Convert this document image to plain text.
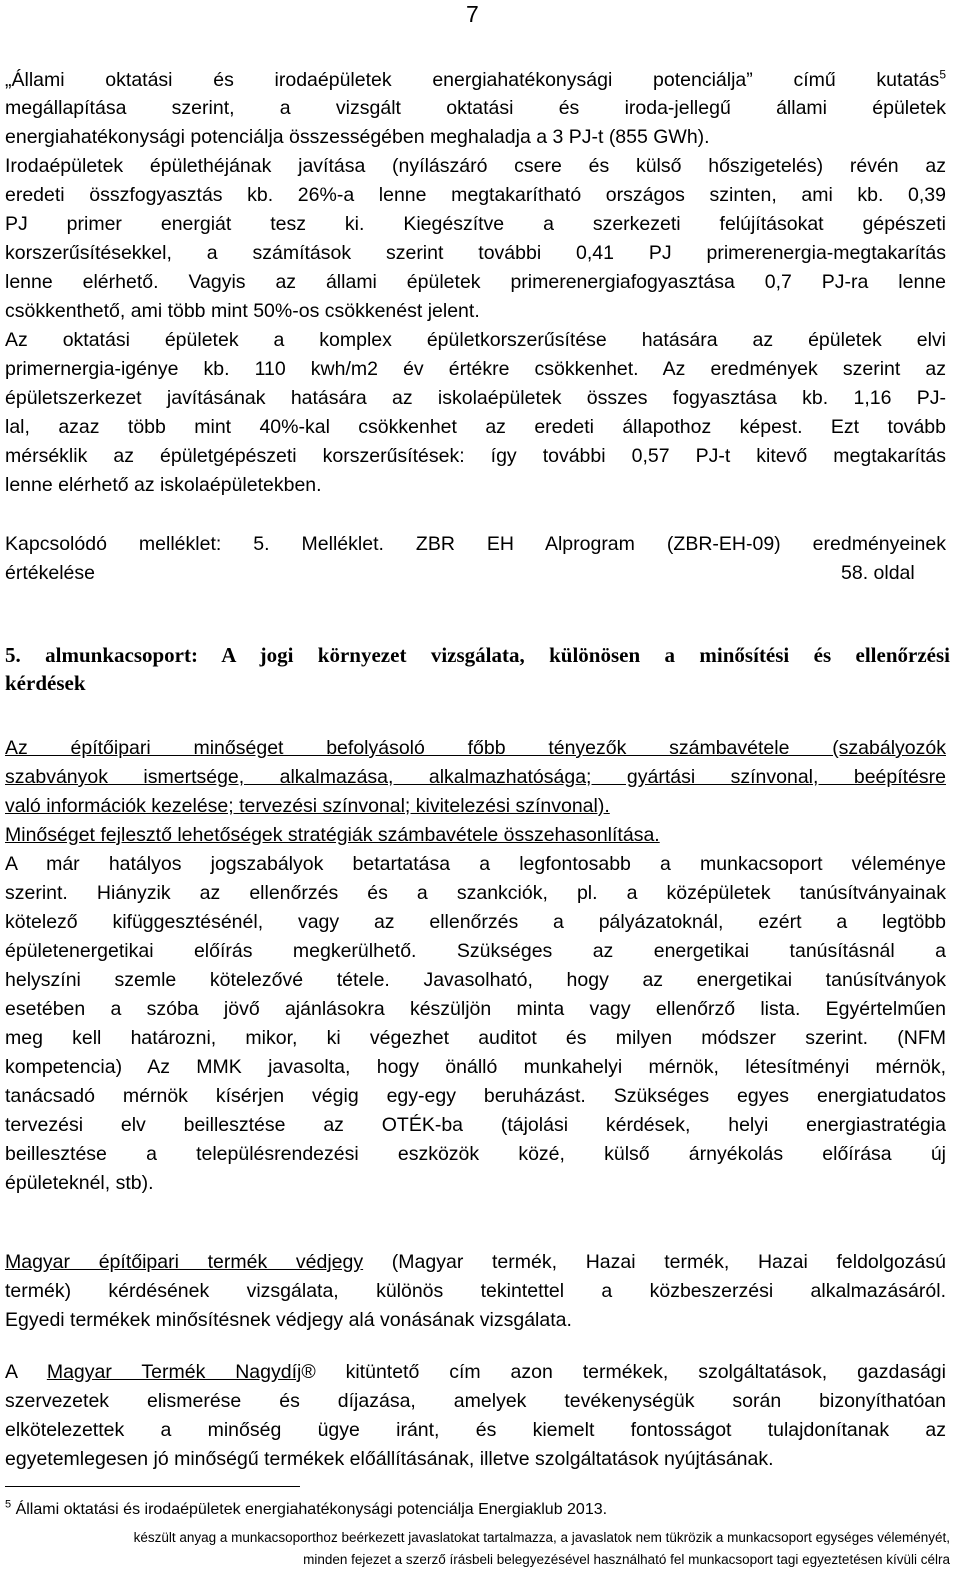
7
„Állami oktatási és irodaépületek energiahatékonysági potenciálja” című kutatás$^5$
megállapítása szerint, a vizsgált oktatási és iroda-jellegű állami épületek
energiahatékonysági potenciálja összességében meghaladja a 3 PJ-t (855 GWh).
Irodaépületek épülethéjának javítása (nyílászáró csere és külső hőszigetelés) révén az
eredeti összfogyasztás kb. 26%-a lenne megtakarítható országos szinten, ami kb. 0,39
PJ primer energiát tesz ki. Kiegészítve a szerkezeti felújításokat gépészeti
korszerűsítésekkel, a számítások szerint további 0,41 PJ primerenergia-megtakarítás
lenne elérhető. Vagyis az állami épületek primerenergiafogyasztása 0,7 PJ-ra lenne
csökkenthető, ami több mint 50%-os csökkenést jelent.
Az oktatási épületek a komplex épületkorszerűsítése hatására az épületek elvi
primernergia-igénye kb. 110 kwh/m2 év értékre csökkenhet. Az eredmények szerint az
épületszerkezet javításának hatására az iskolaépületek összes fogyasztása kb. 1,16 PJ-
lal, azaz több mint 40%-kal csökkenhet az eredeti állapothoz képest. Ezt tovább
mérséklik az épületgépészeti korszerűsítések: így további 0,57 PJ-t kitevő megtakarítás
lenne elérhető az iskolaépületekben.
Kapcsolódó melléklet: 5. Melléklet. ZBR EH Alprogram (ZBR-EH-09) eredményeinek
értékelése	58. oldal
5. almunkacsoport: A jogi környezet vizsgálata, különösen a minősítési és ellenőrzési
kérdések
Az építőipari minőséget befolyásoló főbb tényezők számbavétele (szabályozók
szabványok ismertsége, alkalmazása, alkalmazhatósága; gyártási színvonal, beépítésre
való információk kezelése; tervezési színvonal; kivitelezési színvonal).
Minőséget fejlesztő lehetőségek stratégiák számbavétele összehasonlítása.
A már hatályos jogszabályok betartatása a legfontosabb a munkacsoport véleménye
szerint. Hiányzik az ellenőrzés és a szankciók, pl. a középületek tanúsítványainak
kötelező kifüggesztésénél, vagy az ellenőrzés a pályázatoknál, ezért a legtöbb
épületenergetikai előírás megkerülhető. Szükséges az energetikai tanúsításnál a
helyszíni szemle kötelezővé tétele. Javasolható, hogy az energetikai tanúsítványok
esetében a szóba jövő ajánlásokra készüljön minta vagy ellenőrző lista. Egyértelműen
meg kell határozni, mikor, ki végezhet auditot és milyen módszer szerint. (NFM
kompetencia) Az MMK javasolta, hogy önálló munkahelyi mérnök, létesítményi mérnök,
tanácsadó mérnök kísérjen végig egy-egy beruházást. Szükséges egyes energiatudatos
tervezési elv beillesztése az OTÉK-ba (tájolási kérdések, helyi energiastratégia
beillesztése a településrendezési eszközök közé, külső árnyékolás előírása új
épületeknél, stb).
Magyar építőipari termék védjegy (Magyar termék, Hazai termék, Hazai feldolgozású
termék) kérdésének vizsgálata, különös tekintettel a közbeszerzési alkalmazásáról.
Egyedi termékek minősítésnek védjegy alá vonásának vizsgálata.
A Magyar Termék Nagydíj® kitüntető cím azon termékek, szolgáltatások, gazdasági
szervezetek elismerése és díjazása, amelyek tevékenységük során bizonyíthatóan
elkötelezettek a minőség ügye iránt, és kiemelt fontosságot tulajdonítanak az
egyetemlegesen jó minőségű termékek előállításának, illetve szolgáltatások nyújtásának.
$^5$ Állami oktatási és irodaépületek energiahatékonysági potenciálja Energiaklub 2013.
készült anyag a munkacsoporthoz beérkezett javaslatokat tartalmazza, a javaslatok nem tükrözik a munkacsoport egységes véleményét,
minden fejezet a szerző írásbeli belegyezésével használható fel munkacsoport tagi egyeztetésen kívüli célra
